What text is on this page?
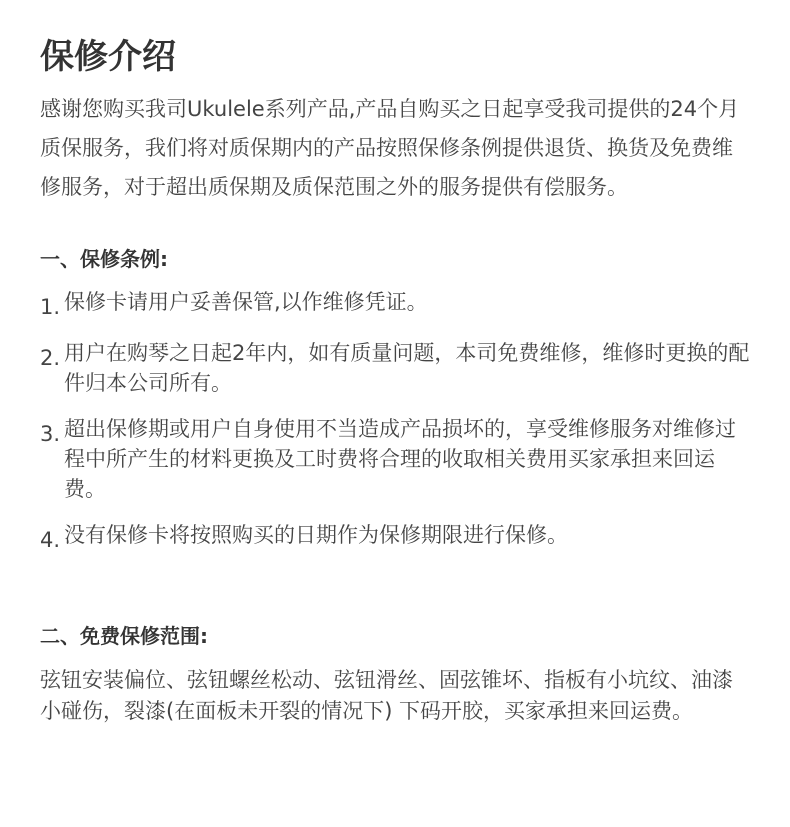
保修介绍

感谢您购买我司Ukulele系列产品,产品自购买之日起享受我司提供的24个月质保服务，我们将对质保期内的产品按照保修条例提供退货、换货及免费维修服务，对于超出质保期及质保范围之外的服务提供有偿服务。

一、保修条例:
1. 保修卡请用户妥善保管,以作维修凭证。
2. 用户在购琴之日起2年内，如有质量问题，本司免费维修，维修时更换的配件归本公司所有。
3. 超出保修期或用户自身使用不当造成产品损坏的，享受维修服务对维修过程中所产生的材料更换及工时费将合理的收取相关费用买家承担来回运费。
4. 没有保修卡将按照购买的日期作为保修期限进行保修。
二、免费保修范围:

弦钮安装偏位、弦钮螺丝松动、弦钮滑丝、固弦锥坏、指板有小坑纹、油漆小碰伤，裂漆(在面板未开裂的情况下) 下码开胶，买家承担来回运费。
